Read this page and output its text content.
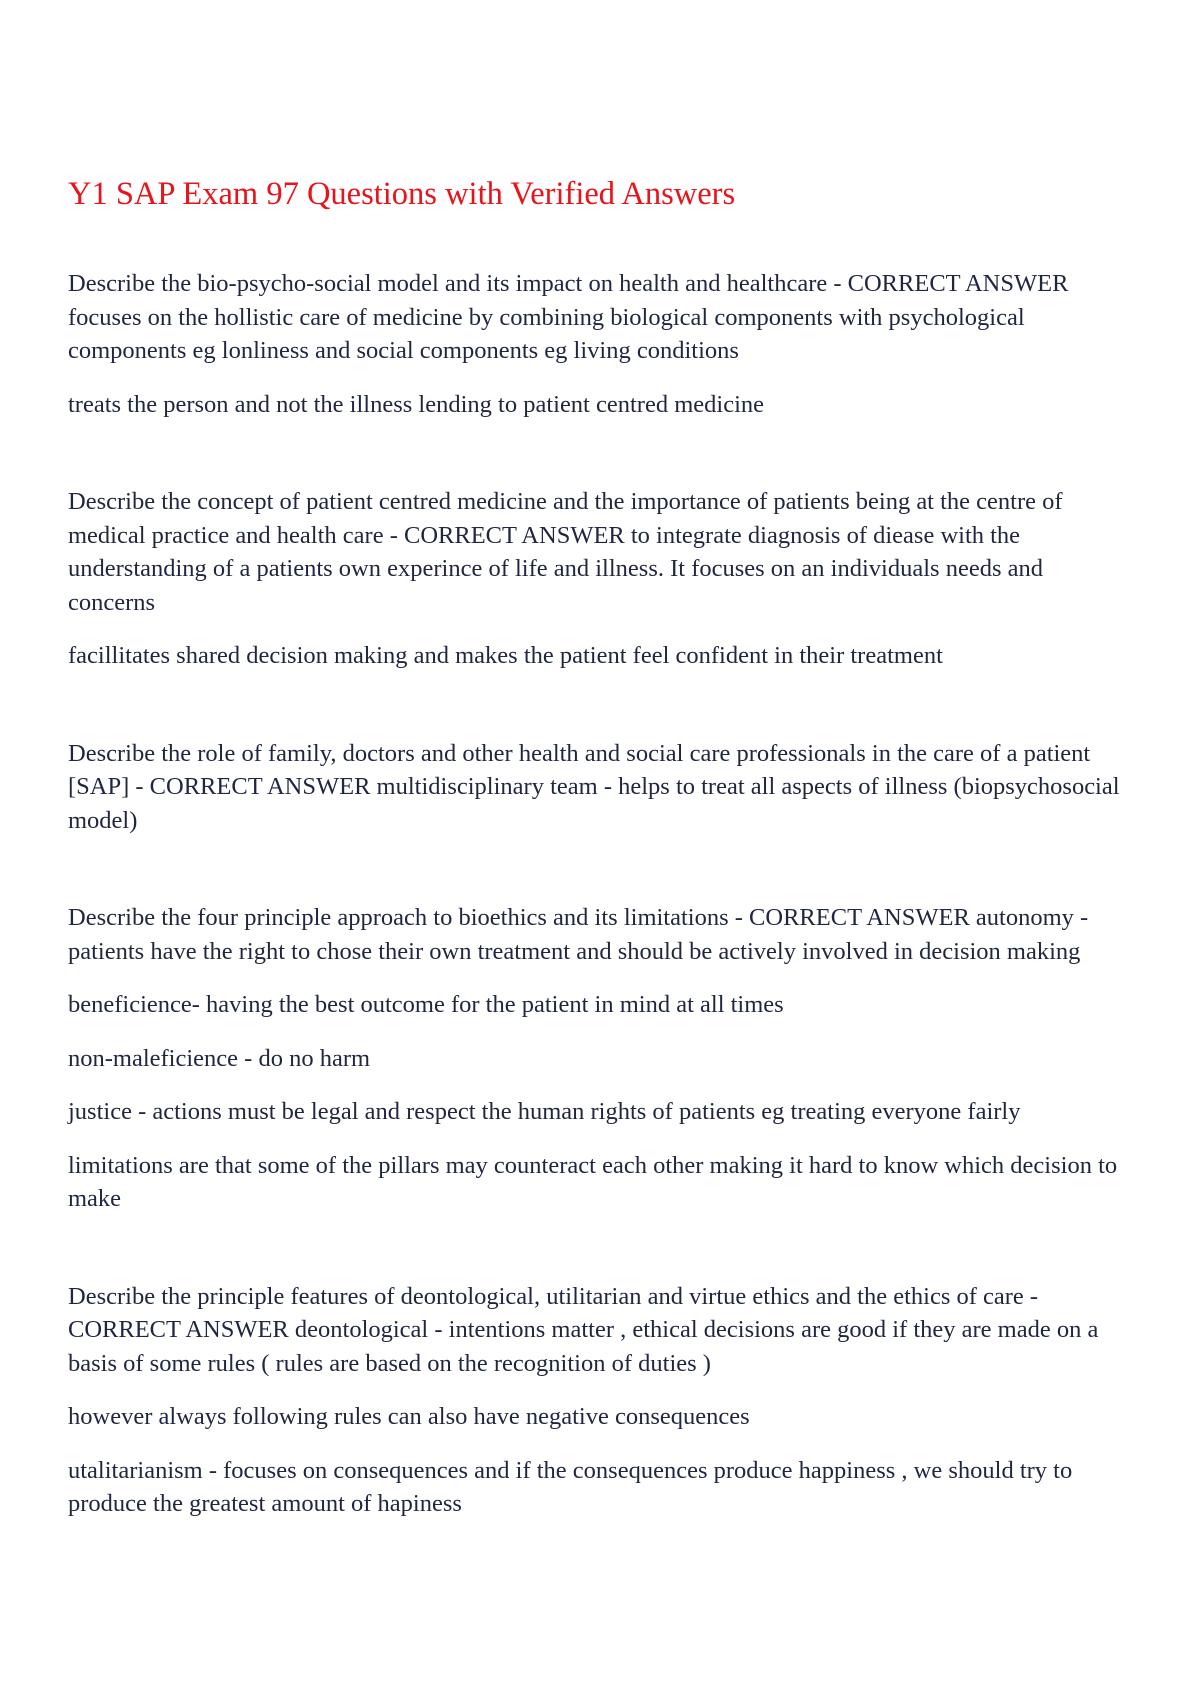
Y1 SAP Exam 97 Questions with Verified Answers

Describe the bio-psycho-social model and its impact on health and healthcare - CORRECT ANSWER focuses on the hollistic care of medicine by combining biological components with psychological components eg lonliness and social components eg living conditions

treats the person and not the illness lending to patient centred medicine

Describe the concept of patient centred medicine and the importance of patients being at the centre of medical practice and health care - CORRECT ANSWER to integrate diagnosis of diease with the understanding of a patients own experince of life and illness. It focuses on an individuals needs and concerns

facillitates shared decision making and makes the patient feel confident in their treatment

Describe the role of family, doctors and other health and social care professionals in the care of a patient [SAP] - CORRECT ANSWER multidisciplinary team - helps to treat all aspects of illness (biopsychosocial model)

Describe the four principle approach to bioethics and its limitations - CORRECT ANSWER autonomy - patients have the right to chose their own treatment and should be actively involved in decision making

beneficience- having the best outcome for the patient in mind at all times

non-maleficience - do no harm

justice - actions must be legal and respect the human rights of patients eg treating everyone fairly

limitations are that some of the pillars may counteract each other making it hard to know which decision to make

Describe the principle features of deontological, utilitarian and virtue ethics and the ethics of care - CORRECT ANSWER deontological - intentions matter , ethical decisions are good if they are made on a basis of some rules ( rules are based on the recognition of duties )

however always following rules can also have negative consequences

utalitarianism - focuses on consequences and if the consequences produce happiness , we should try to produce the greatest amount of hapiness
